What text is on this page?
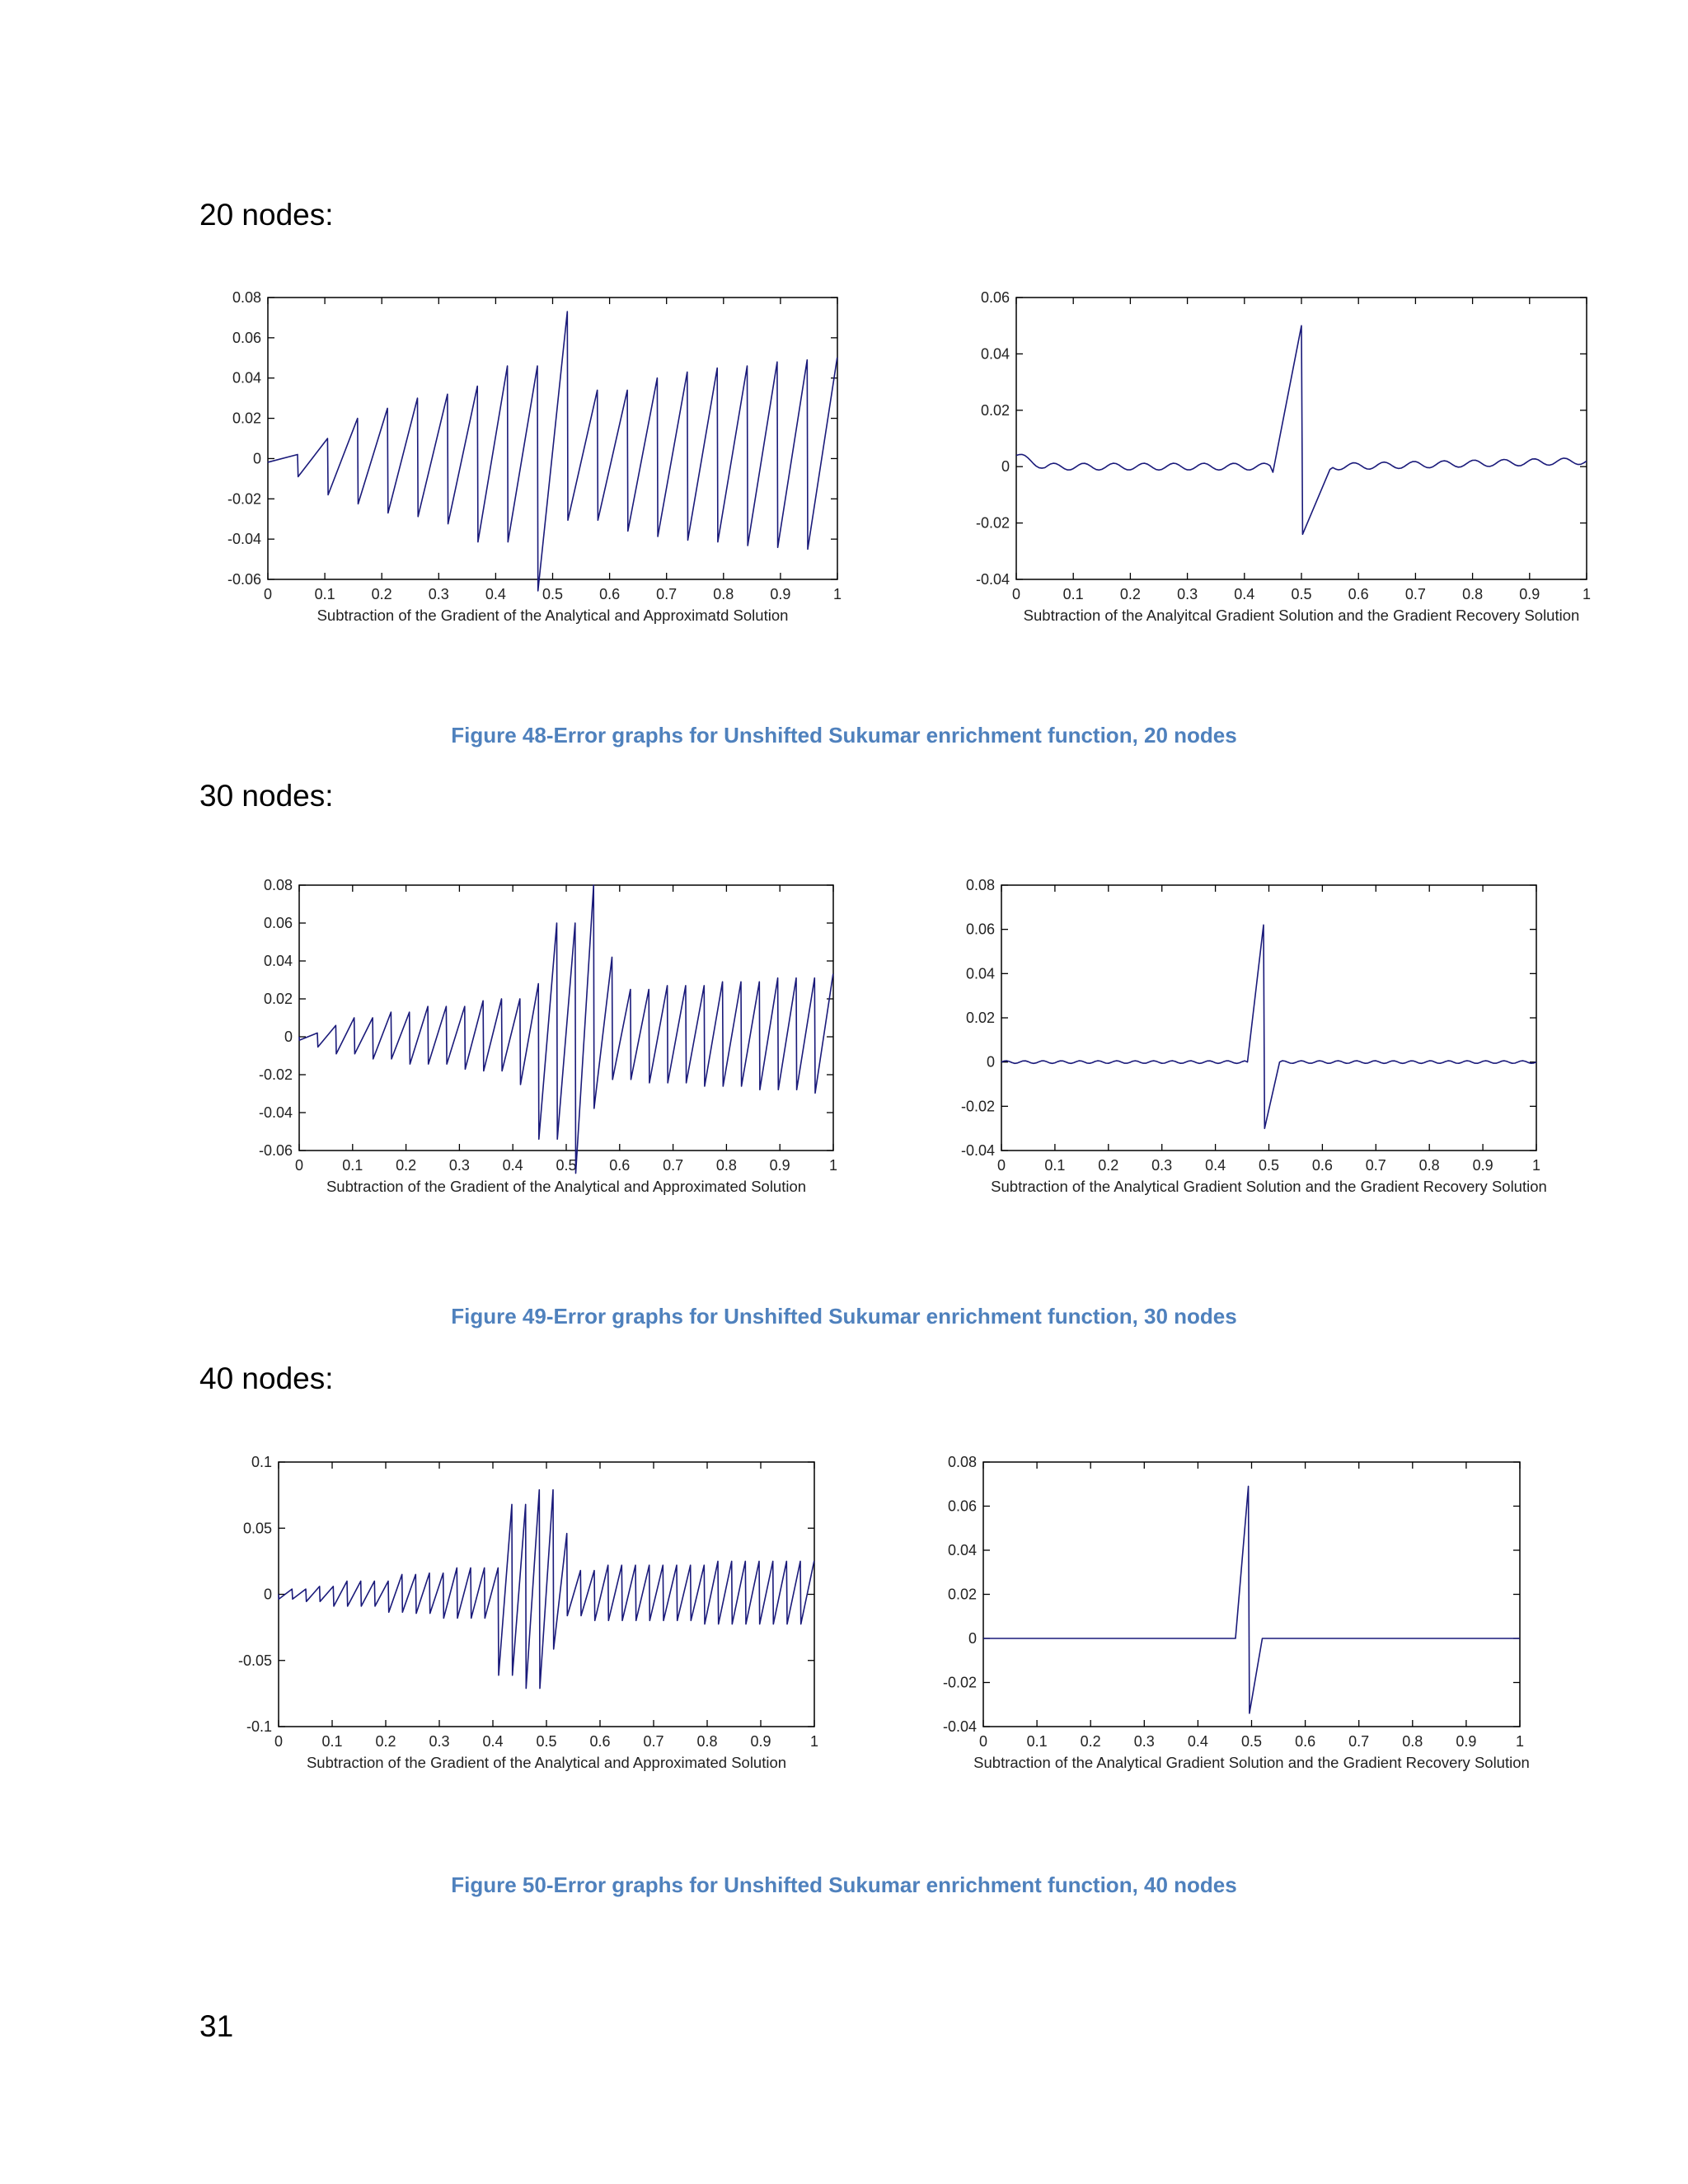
20 nodes:
Figure 48-Error graphs for Unshifted Sukumar enrichment function, 20 nodes
30 nodes:
Figure 49-Error graphs for Unshifted Sukumar enrichment function, 30 nodes
40 nodes:
Figure 50-Error graphs for Unshifted Sukumar enrichment function, 40 nodes
31
0	0.1 0.2 0.3 0.4 0.5 0.6 0.7 0.8 0.9	1
-0.06
-0.04
-0.02
0
0.02
0.04
0.06
0.08
Subtraction of the Gradient of the Analytical and Approximatd Solution
0	0.1 0.2 0.3 0.4 0.5 0.6 0.7 0.8 0.9	1
-0.04
-0.02
0
0.02
0.04
0.06
Subtraction of the Analyitcal Gradient Solution and the Gradient Recovery Solution
0	0.1 0.2 0.3 0.4 0.5 0.6 0.7 0.8 0.9	1
-0.06
-0.04
-0.02
0
0.02
0.04
0.06
0.08
Subtraction of the Gradient of the Analytical and Approximated Solution
0	0.1 0.2 0.3 0.4 0.5 0.6 0.7 0.8 0.9	1
-0.04
-0.02
0
0.02
0.04
0.06
0.08
Subtraction of the Analytical Gradient Solution and the Gradient Recovery Solution
0	0.1 0.2 0.3 0.4 0.5 0.6 0.7 0.8 0.9	1
-0.1
-0.05
0
0.05
0.1
Subtraction of the Gradient of the Analytical and Approximated Solution
0	0.1 0.2 0.3 0.4 0.5 0.6 0.7 0.8 0.9	1
-0.04
-0.02
0
0.02
0.04
0.06
0.08
Subtraction of the Analytical Gradient Solution and the Gradient Recovery Solution
